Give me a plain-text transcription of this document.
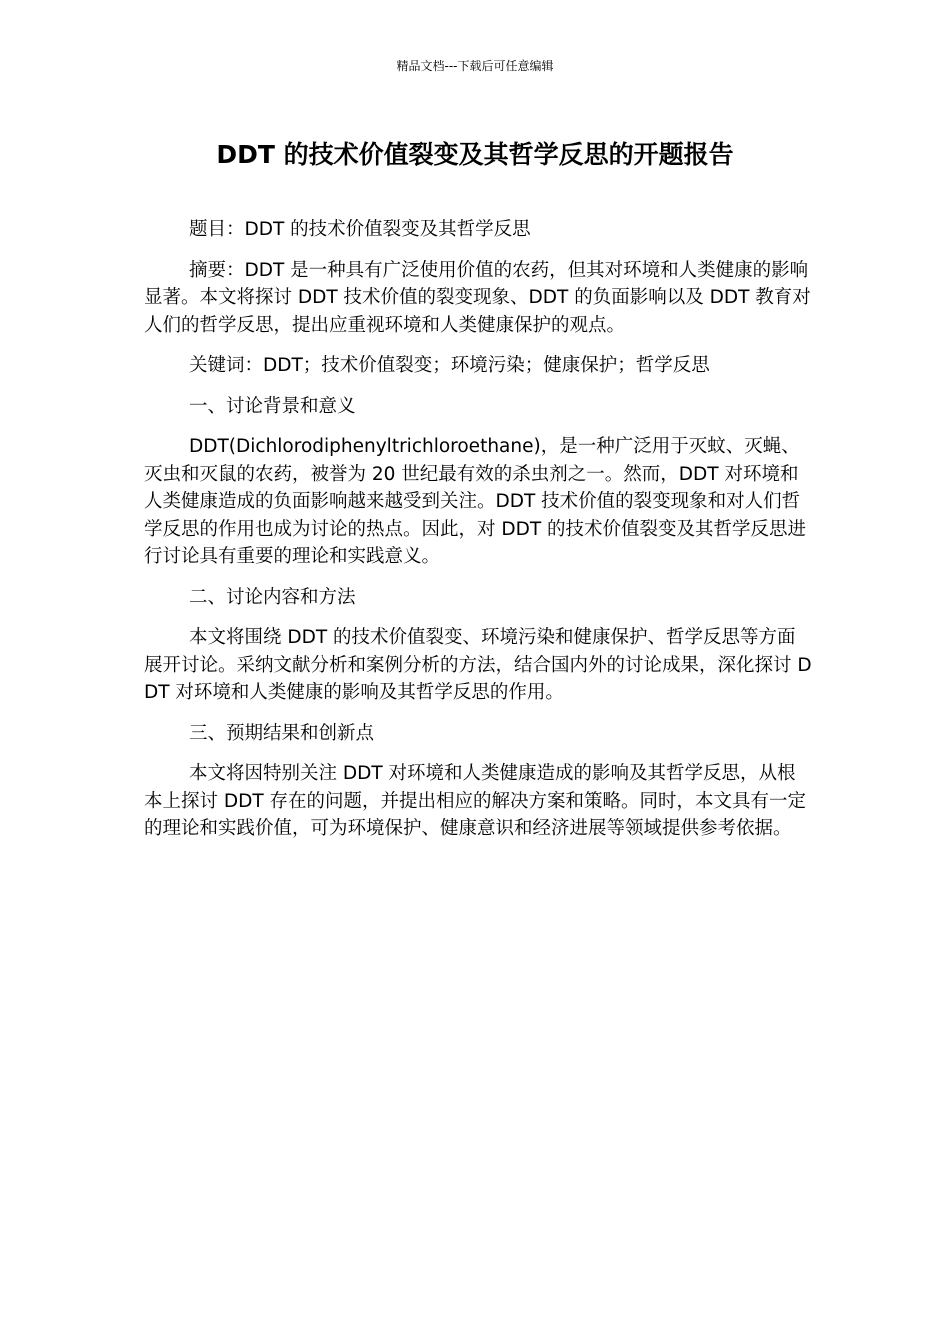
精品文档---下载后可任意编辑
DDT 的技术价值裂变及其哲学反思的开题报告

题目：DDT 的技术价值裂变及其哲学反思

摘要：DDT 是一种具有广泛使用价值的农药，但其对环境和人类健康的影响显著。本文将探讨 DDT 技术价值的裂变现象、DDT 的负面影响以及 DDT 教育对人们的哲学反思，提出应重视环境和人类健康保护的观点。

关键词：DDT；技术价值裂变；环境污染；健康保护；哲学反思

一、讨论背景和意义

DDT(Dichlorodiphenyltrichloroethane)，是一种广泛用于灭蚊、灭蝇、灭虫和灭鼠的农药，被誉为 20 世纪最有效的杀虫剂之一。然而，DDT 对环境和人类健康造成的负面影响越来越受到关注。DDT 技术价值的裂变现象和对人们哲学反思的作用也成为讨论的热点。因此，对 DDT 的技术价值裂变及其哲学反思进行讨论具有重要的理论和实践意义。

二、讨论内容和方法

本文将围绕 DDT 的技术价值裂变、环境污染和健康保护、哲学反思等方面展开讨论。采纳文献分析和案例分析的方法，结合国内外的讨论成果，深化探讨 DDT 对环境和人类健康的影响及其哲学反思的作用。

三、预期结果和创新点

本文将因特别关注 DDT 对环境和人类健康造成的影响及其哲学反思，从根本上探讨 DDT 存在的问题，并提出相应的解决方案和策略。同时，本文具有一定的理论和实践价值，可为环境保护、健康意识和经济进展等领域提供参考依据。
